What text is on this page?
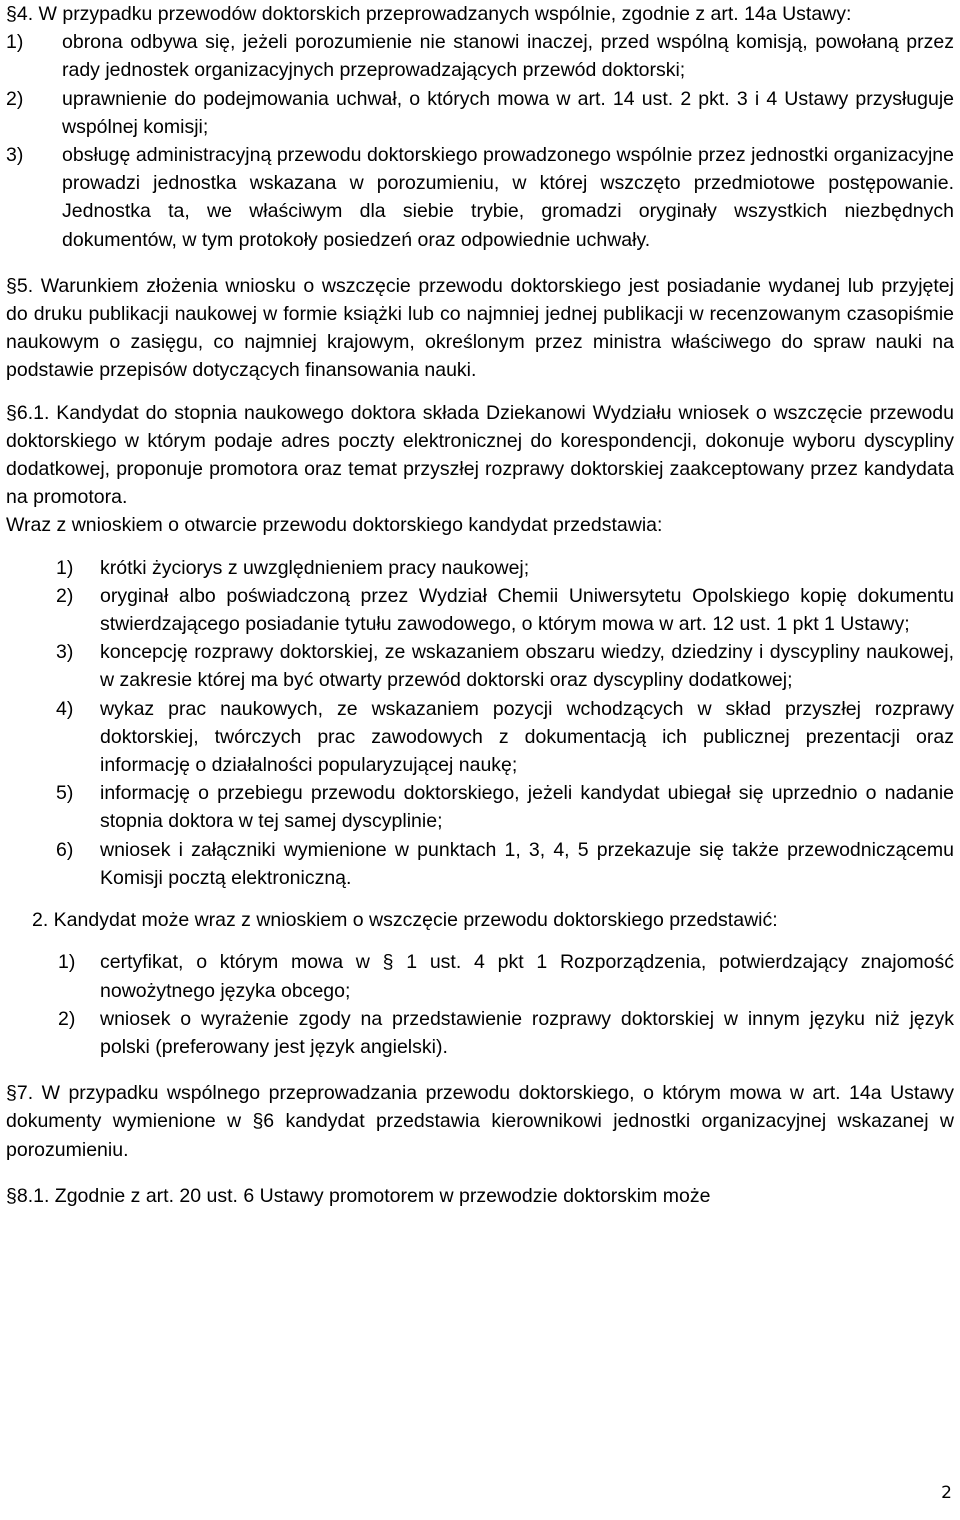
§4. W przypadku przewodów doktorskich przeprowadzanych wspólnie, zgodnie z art. 14a Ustawy:

1) obrona odbywa się, jeżeli porozumienie nie stanowi inaczej, przed wspólną komisją, powołaną przez rady jednostek organizacyjnych przeprowadzających przewód doktorski;
2) uprawnienie do podejmowania uchwał, o których mowa w art. 14 ust. 2 pkt. 3 i 4 Ustawy przysługuje wspólnej komisji;
3) obsługę administracyjną przewodu doktorskiego prowadzonego wspólnie przez jednostki organizacyjne prowadzi jednostka wskazana w porozumieniu, w której wszczęto przedmiotowe postępowanie. Jednostka ta, we właściwym dla siebie trybie, gromadzi oryginały wszystkich niezbędnych dokumentów, w tym protokoły posiedzeń oraz odpowiednie uchwały.

§5. Warunkiem złożenia wniosku o wszczęcie przewodu doktorskiego jest posiadanie wydanej lub przyjętej do druku publikacji naukowej w formie książki lub co najmniej jednej publikacji w recenzowanym czasopiśmie naukowym o zasięgu, co najmniej krajowym, określonym przez ministra właściwego do spraw nauki na podstawie przepisów dotyczących finansowania nauki.

§6.1. Kandydat do stopnia naukowego doktora składa Dziekanowi Wydziału wniosek o wszczęcie przewodu doktorskiego w którym podaje adres poczty elektronicznej do korespondencji, dokonuje wyboru dyscypliny dodatkowej, proponuje promotora oraz temat przyszłej rozprawy doktorskiej zaakceptowany przez kandydata na promotora.

Wraz z wnioskiem o otwarcie przewodu doktorskiego kandydat przedstawia:

1) krótki życiorys z uwzględnieniem pracy naukowej;
2) oryginał albo poświadczoną przez Wydział Chemii Uniwersytetu Opolskiego kopię dokumentu stwierdzającego posiadanie tytułu zawodowego, o którym mowa w art. 12 ust. 1 pkt 1 Ustawy;
3) koncepcję rozprawy doktorskiej, ze wskazaniem obszaru wiedzy, dziedziny i dyscypliny naukowej, w zakresie której ma być otwarty przewód doktorski oraz dyscypliny dodatkowej;
4) wykaz prac naukowych, ze wskazaniem pozycji wchodzących w skład przyszłej rozprawy doktorskiej, twórczych prac zawodowych z dokumentacją ich publicznej prezentacji oraz informację o działalności popularyzującej naukę;
5) informację o przebiegu przewodu doktorskiego, jeżeli kandydat ubiegał się uprzednio o nadanie stopnia doktora w tej samej dyscyplinie;
6) wniosek i załączniki wymienione w punktach 1, 3, 4, 5 przekazuje się także przewodniczącemu Komisji pocztą elektroniczną.

2. Kandydat może wraz z wnioskiem o wszczęcie przewodu doktorskiego przedstawić:

1) certyfikat, o którym mowa w § 1 ust. 4 pkt 1 Rozporządzenia, potwierdzający znajomość nowożytnego języka obcego;
2) wniosek o wyrażenie zgody na przedstawienie rozprawy doktorskiej w innym języku niż język polski (preferowany jest język angielski).

§7. W przypadku wspólnego przeprowadzania przewodu doktorskiego, o którym mowa w art. 14a Ustawy dokumenty wymienione w §6 kandydat przedstawia kierownikowi jednostki organizacyjnej wskazanej w porozumieniu.

§8.1. Zgodnie z art. 20 ust. 6 Ustawy promotorem w przewodzie doktorskim może

2
